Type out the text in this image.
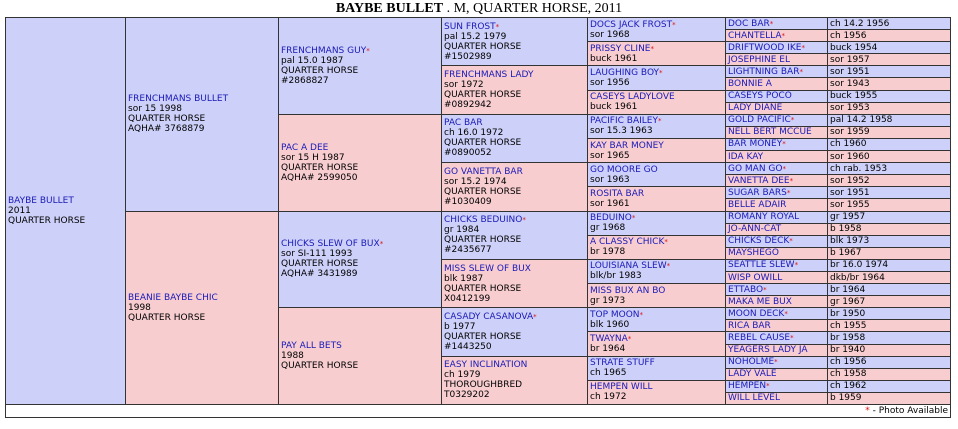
BAYBE BULLET . M, QUARTER HORSE, 2011
BAYBE BULLET
2011
QUARTER HORSE	FRENCHMANS BULLET
sor 15 1998
QUARTER HORSE
AQHA# 3768879	FRENCHMANS GUY*
pal 15.0 1987
QUARTER HORSE
#2868827	SUN FROST*
pal 15.2 1979
QUARTER HORSE
#1502989	DOCS JACK FROST*
sor 1968	DOC BAR*	ch 14.2 1956
					CHANTELLA*	ch 1956

				PRISSY CLINE*
buck 1961	DRIFTWOOD IKE*	buck 1954
					JOSEPHINE EL	sor 1957

			FRENCHMANS LADY
sor 1972
QUARTER HORSE
#0892942	LAUGHING BOY*
sor 1956	LIGHTNING BAR*	sor 1951
					BONNIE A	sor 1943

				CASEYS LADYLOVE
buck 1961	CASEYS POCO	buck 1955
					LADY DIANE	sor 1953

		PAC A DEE
sor 15 H 1987
QUARTER HORSE
AQHA# 2599050	PAC BAR
ch 16.0 1972
QUARTER HORSE
#0890052	PACIFIC BAILEY*
sor 15.3 1963	GOLD PACIFIC*	pal 14.2 1958
					NELL BERT MCCUE	sor 1959

				KAY BAR MONEY
sor 1965	BAR MONEY*	ch 1960
					IDA KAY	sor 1960

			GO VANETTA BAR
sor 15.2 1974
QUARTER HORSE
#1030409	GO MOORE GO
sor 1963	GO MAN GO*	ch rab. 1953
					VANETTA DEE*	sor 1952

				ROSITA BAR
sor 1961	SUGAR BARS*	sor 1951
					BELLE ADAIR	sor 1955

	BEANIE BAYBE CHIC
1998
QUARTER HORSE	CHICKS SLEW OF BUX*
sor SI-111 1993
QUARTER HORSE
AQHA# 3431989	CHICKS BEDUINO*
gr 1984
QUARTER HORSE
#2435677	BEDUINO*
gr 1968	ROMANY ROYAL	gr 1957
					JO-ANN-CAT	b 1958

				A CLASSY CHICK*
br 1978	CHICKS DECK*	blk 1973
					MAYSHEGO	b 1967

			MISS SLEW OF BUX
blk 1987
QUARTER HORSE
X0412199	LOUISIANA SLEW*
blk/br 1983	SEATTLE SLEW*	br 16.0 1974
					WISP OWILL	dkb/br 1964

				MISS BUX AN BO
gr 1973	ETTABO*	br 1964
					MAKA ME BUX	gr 1967

		PAY ALL BETS
1988
QUARTER HORSE	CASADY CASANOVA*
b 1977
QUARTER HORSE
#1443250	TOP MOON*
blk 1960	MOON DECK*	br 1950
					RICA BAR	ch 1955

				TWAYNA*
br 1964	REBEL CAUSE*	br 1958
					YEAGERS LADY JA	br 1940

			EASY INCLINATION
ch 1979
THOROUGHBRED
T0329202	STRATE STUFF
ch 1965	NOHOLME*	ch 1956
					LADY VALE	ch 1958

				HEMPEN WILL
ch 1972	HEMPEN*	ch 1962
					WILL LEVEL	b 1959
* - Photo Available						
